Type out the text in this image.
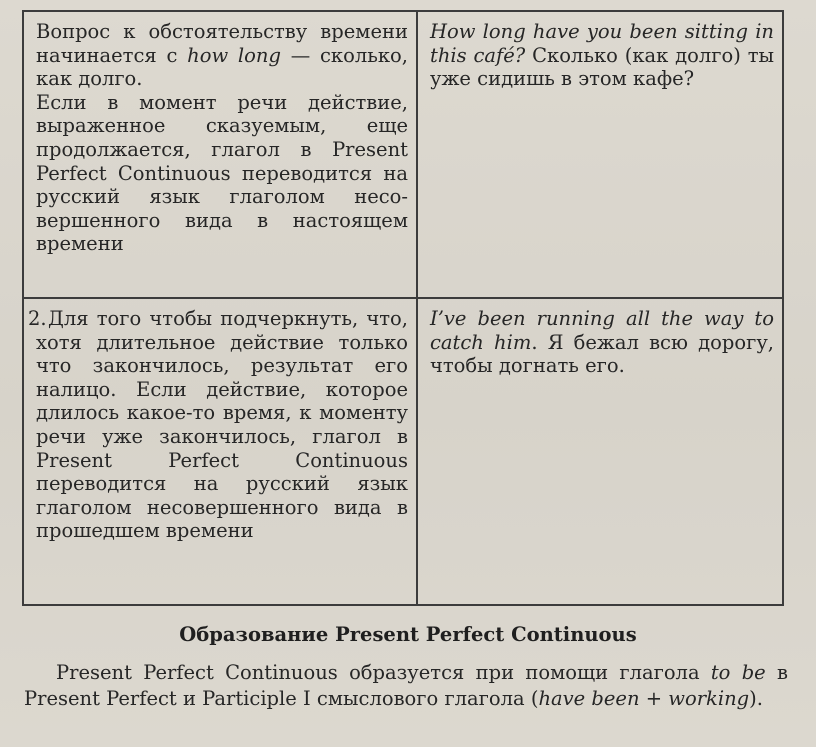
Вопрос к обстоятельству времени начинается с how long — сколько, как долго.
Если в момент речи действие, выраженное сказуемым, еще продолжается, глагол в Present Perfect Continuous переводится на русский язык глаголом несовершенного вида в настоящем времени	How long have you been sitting in this café? Сколько (как долго) ты уже сидишь в этом кафе?
2.Для того чтобы подчеркнуть, что, хотя длительное действие только что закончилось, результат его налицо. Если действие, которое длилось какое-то время, к моменту речи уже закончилось, глагол в Present Perfect Continuous переводится на русский язык глаголом несовершенного вида в прошедшем времени	I’ve been running all the way to catch him. Я бежал всю дорогу, чтобы догнать его.
Образование Present Perfect Continuous
Present Perfect Continuous образуется при помощи глагола to be в Present Perfect и Participle I смыслового глагола (have been + working).
